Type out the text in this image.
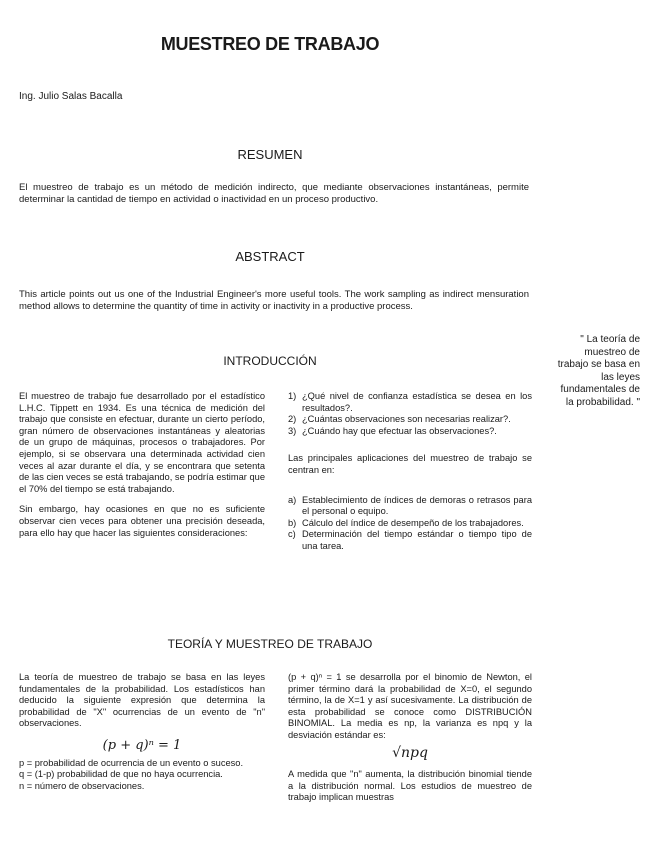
MUESTREO DE TRABAJO
Ing. Julio Salas Bacalla
RESUMEN
El muestreo de trabajo es un método de medición indirecto, que mediante observaciones instantáneas, permite determinar la cantidad de tiempo en actividad o inactividad en un proceso productivo.
ABSTRACT
This article points out us one of the Industrial Engineer's more useful tools. The work sampling as indirect mensuration method allows to determine the quantity of time in activity or inactivity in a productive process.
" La teoría de muestreo de trabajo se basa en las leyes fundamentales de la probabilidad. "
INTRODUCCIÓN

El muestreo de trabajo fue desarrollado por el estadístico L.H.C. Tippett en 1934. Es una técnica de medición del trabajo que consiste en efectuar, durante un cierto período, gran número de observaciones instantáneas y aleatorias de un grupo de máquinas, procesos o trabajadores. Por ejemplo, si se observara una determinada actividad cien veces al azar durante el día, y se encontrara que setenta de las cien veces se está trabajando, se podría estimar que el 70% del tiempo se está trabajando.

Sin embargo, hay ocasiones en que no es suficiente observar cien veces para obtener una precisión deseada, para ello hay que hacer las siguientes consideraciones:

1) ¿Qué nivel de confianza estadística se desea en los resultados?.
2) ¿Cuántas observaciones son necesarias realizar?.
3) ¿Cuándo hay que efectuar las observaciones?.

Las principales aplicaciones del muestreo de trabajo se centran en:

a) Establecimiento de índices de demoras o retrasos para el personal o equipo.
b) Cálculo del índice de desempeño de los trabajadores.
c) Determinación del tiempo estándar o tiempo tipo de una tarea.
TEORÍA Y MUESTREO DE TRABAJO

La teoría de muestreo de trabajo se basa en las leyes fundamentales de la probabilidad. Los estadísticos han deducido la siguiente expresión que determina la probabilidad de "X" ocurrencias de un evento de "n" observaciones.

(p + q)ⁿ = 1

p = probabilidad de ocurrencia de un evento o suceso.

q = (1-p) probabilidad de que no haya ocurrencia.

n = número de observaciones.

(p + q)ⁿ = 1 se desarrolla por el binomio de Newton, el primer término dará la probabilidad de X=0, el segundo término, la de X=1 y así sucesivamente. La distribución de esta probabilidad se conoce como DISTRIBUCIÓN BINOMIAL. La media es np, la varianza es npq y la desviación estándar es:

√npq

A medida que "n" aumenta, la distribución binomial tiende a la distribución normal. Los estudios de muestreo de trabajo implican muestras
